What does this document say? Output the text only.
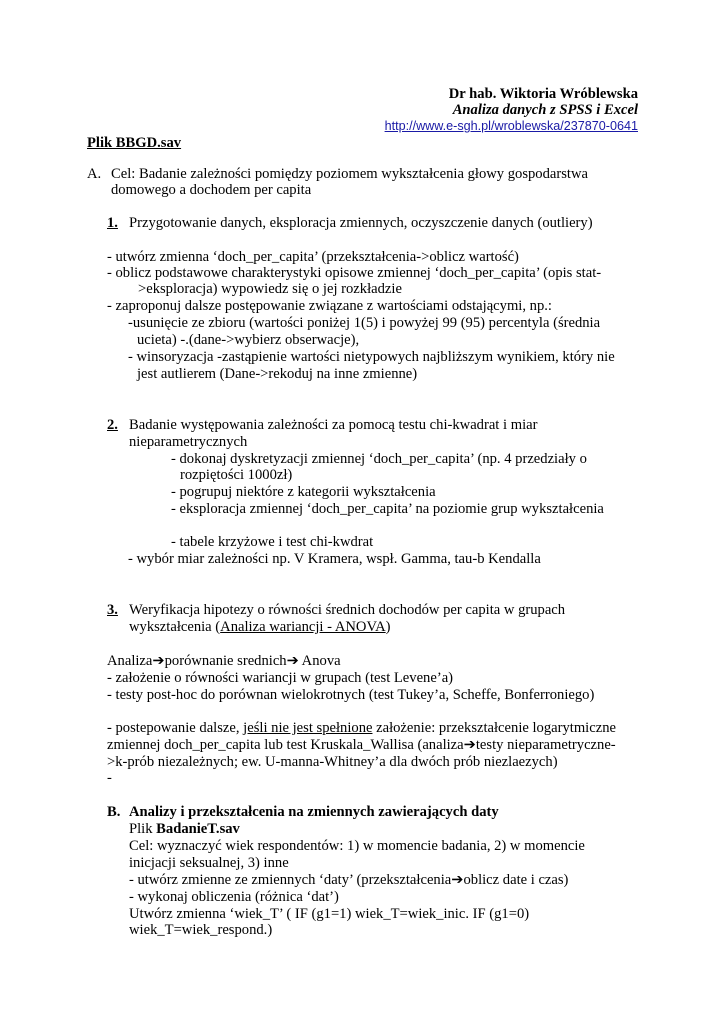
Dr hab. Wiktoria Wróblewska
Analiza danych z SPSS i Excel
http://www.e-sgh.pl/wroblewska/237870-0641
Plik BBGD.sav
A. Cel: Badanie zależności pomiędzy poziomem wykształcenia głowy gospodarstwa
domowego a dochodem per capita
1. Przygotowanie danych, eksploracja zmiennych, oczyszczenie danych (outliery)
- utwórz zmienna ‘doch_per_capita’ (przekształcenia->oblicz wartość)
- oblicz podstawowe charakterystyki opisowe zmiennej ‘doch_per_capita’ (opis stat-
>eksploracja) wypowiedz się o jej rozkładzie
- zaproponuj dalsze postępowanie związane z wartościami odstającymi, np.:
-usunięcie ze zbioru (wartości poniżej 1(5) i powyżej 99 (95) percentyla (średnia
ucieta) -.(dane->wybierz obserwacje),
- winsoryzacja -zastąpienie wartości nietypowych najbliższym wynikiem, który nie
jest autlierem (Dane->rekoduj na inne zmienne)
2. Badanie występowania zależności za pomocą testu chi-kwadrat i miar
nieparametrycznych
- dokonaj dyskretyzacji zmiennej ‘doch_per_capita’ (np. 4 przedziały o
rozpiętości 1000zł)
- pogrupuj niektóre z kategorii wykształcenia
- eksploracja zmiennej ‘doch_per_capita’ na poziomie grup wykształcenia
- tabele krzyżowe i test chi-kwdrat
- wybór miar zależności np. V Kramera, wspł. Gamma, tau-b Kendalla
3. Weryfikacja hipotezy o równości średnich dochodów per capita w grupach
wykształcenia (Analiza wariancji - ANOVA)
Analiza➔porównanie srednich➔ Anova
- założenie o równości wariancji w grupach (test Levene’a)
- testy post-hoc do porównan wielokrotnych (test Tukey’a, Scheffe, Bonferroniego)
- postepowanie dalsze, jeśli nie jest spełnione założenie: przekształcenie logarytmiczne
zmiennej doch_per_capita lub test Kruskala_Wallisa (analiza➔testy nieparametryczne-
>k-prób niezależnych; ew. U-manna-Whitney’a dla dwóch prób niezlaezych)
-
B. Analizy i przekształcenia na zmiennych zawierających daty
Plik BadanieT.sav
Cel: wyznaczyć wiek respondentów: 1) w momencie badania, 2) w momencie
inicjacji seksualnej, 3) inne
- utwórz zmienne ze zmiennych ‘daty’ (przekształcenia➔oblicz date i czas)
- wykonaj obliczenia (różnica ‘dat’)
Utwórz zmienna ‘wiek_T’ ( IF (g1=1) wiek_T=wiek_inic. IF (g1=0)
wiek_T=wiek_respond.)
